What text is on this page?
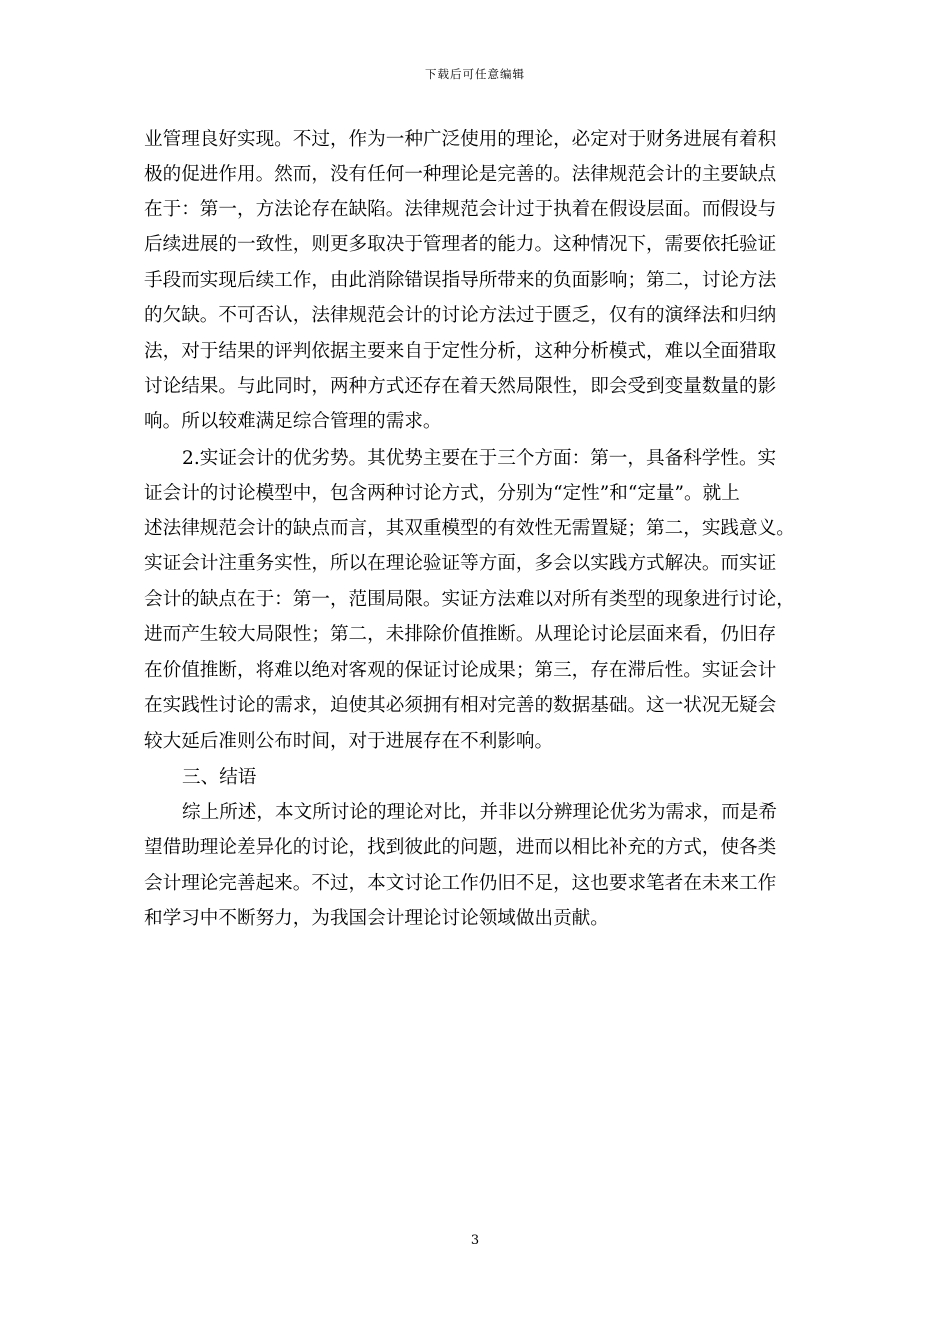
下载后可任意编辑
业管理良好实现。不过，作为一种广泛使用的理论，必定对于财务进展有着积
极的促进作用。然而，没有任何一种理论是完善的。法律规范会计的主要缺点
在于：第一，方法论存在缺陷。法律规范会计过于执着在假设层面。而假设与
后续进展的一致性，则更多取决于管理者的能力。这种情况下，需要依托验证
手段而实现后续工作，由此消除错误指导所带来的负面影响；第二，讨论方法
的欠缺。不可否认，法律规范会计的讨论方法过于匮乏，仅有的演绎法和归纳
法，对于结果的评判依据主要来自于定性分析，这种分析模式，难以全面猎取
讨论结果。与此同时，两种方式还存在着天然局限性，即会受到变量数量的影
响。所以较难满足综合管理的需求。
2.实证会计的优劣势。其优势主要在于三个方面：第一，具备科学性。实
证会计的讨论模型中，包含两种讨论方式，分别为“定性”和“定量”。就上
述法律规范会计的缺点而言，其双重模型的有效性无需置疑；第二，实践意义。
实证会计注重务实性，所以在理论验证等方面，多会以实践方式解决。而实证
会计的缺点在于：第一，范围局限。实证方法难以对所有类型的现象进行讨论，
进而产生较大局限性；第二，未排除价值推断。从理论讨论层面来看，仍旧存
在价值推断，将难以绝对客观的保证讨论成果；第三，存在滞后性。实证会计
在实践性讨论的需求，迫使其必须拥有相对完善的数据基础。这一状况无疑会
较大延后准则公布时间，对于进展存在不利影响。
三、结语
综上所述，本文所讨论的理论对比，并非以分辨理论优劣为需求，而是希
望借助理论差异化的讨论，找到彼此的问题，进而以相比补充的方式，使各类
会计理论完善起来。不过，本文讨论工作仍旧不足，这也要求笔者在未来工作
和学习中不断努力，为我国会计理论讨论领域做出贡献。
3
